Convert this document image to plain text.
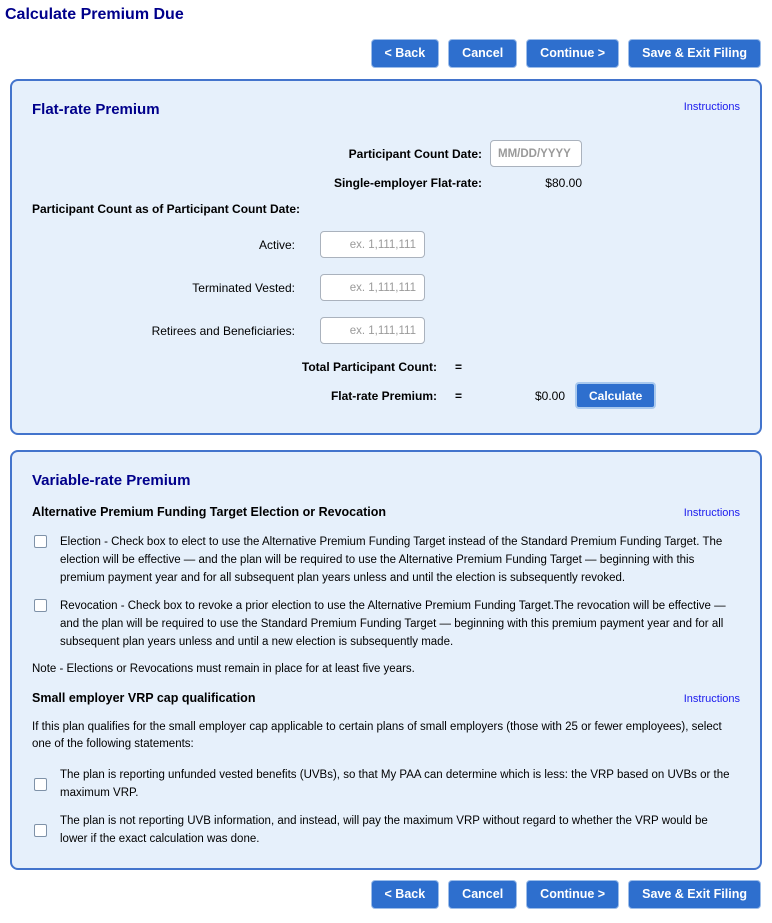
Calculate Premium Due
< Back	Cancel	Continue >	Save & Exit Filing
Flat-rate Premium	Instructions
Participant Count Date:
MM/DD/YYYY
Single-employer Flat-rate:	$80.00
Participant Count as of Participant Count Date:
Active:
ex. 1,111,111
Terminated Vested:
ex. 1,111,111
Retirees and Beneficiaries:
ex. 1,111,111
Total Participant Count: =
Flat-rate Premium: =	$0.00	Calculate
Variable-rate Premium
Alternative Premium Funding Target Election or Revocation	Instructions
Election - Check box to elect to use the Alternative Premium Funding Target instead of the Standard Premium Funding Target. The election will be effective — and the plan will be required to use the Alternative Premium Funding Target — beginning with this premium payment year and for all subsequent plan years unless and until the election is subsequently revoked.
Revocation - Check box to revoke a prior election to use the Alternative Premium Funding Target.The revocation will be effective — and the plan will be required to use the Standard Premium Funding Target — beginning with this premium payment year and for all subsequent plan years unless and until a new election is subsequently made.
Note - Elections or Revocations must remain in place for at least five years.
Small employer VRP cap qualification	Instructions
If this plan qualifies for the small employer cap applicable to certain plans of small employers (those with 25 or fewer employees), select one of the following statements:
The plan is reporting unfunded vested benefits (UVBs), so that My PAA can determine which is less: the VRP based on UVBs or the maximum VRP.
The plan is not reporting UVB information, and instead, will pay the maximum VRP without regard to whether the VRP would be lower if the exact calculation was done.
< Back	Cancel	Continue >	Save & Exit Filing
